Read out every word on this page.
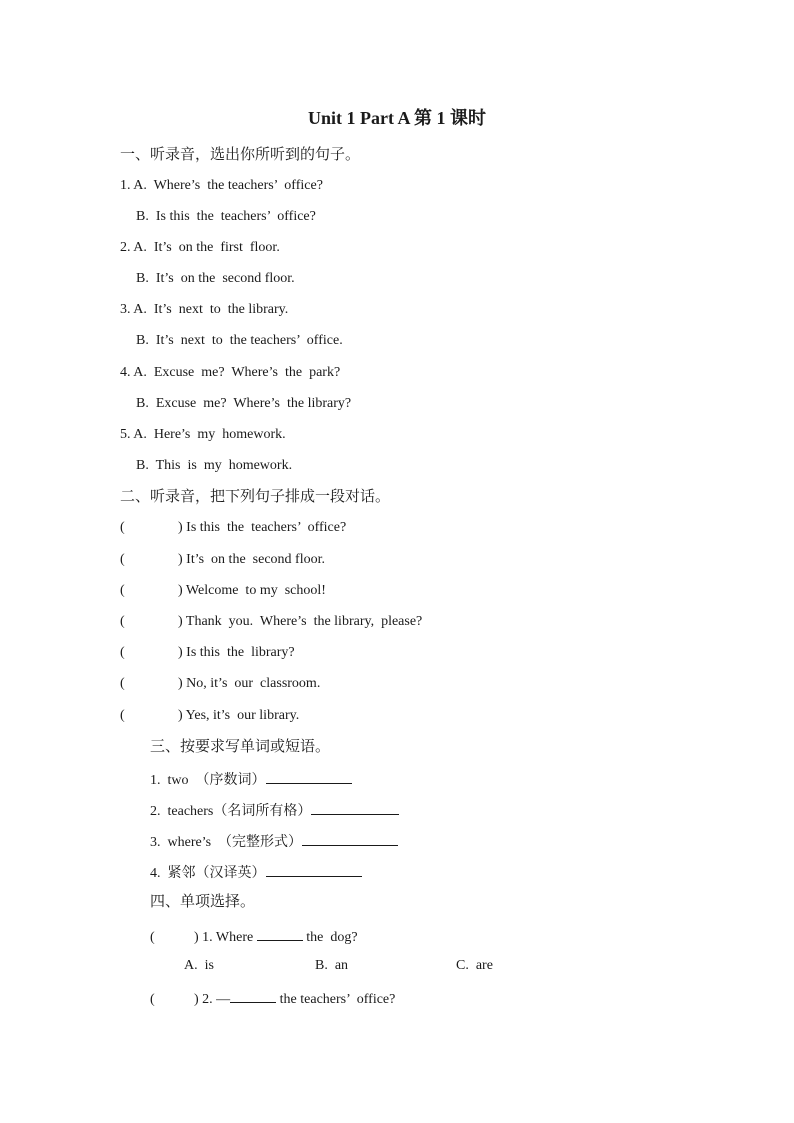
Unit 1 Part A 第 1 课时
一、听录音，选出你所听到的句子。
1. A.  Where’s  the teachers’  office?
B.  Is this  the  teachers’  office?
2. A.  It’s  on the  first  floor.
B.  It’s  on the  second floor.
3. A.  It’s  next  to  the library.
B.  It’s  next  to  the teachers’  office.
4. A.  Excuse  me?  Where’s  the  park?
B.  Excuse  me?  Where’s  the library?
5. A.  Here’s  my  homework.
B.  This  is  my  homework.
二、听录音，把下列句子排成一段对话。
(	) Is this  the  teachers’  office?
(	) It’s  on the  second floor.
(	) Welcome  to my  school!
(	) Thank  you.  Where’s  the library,  please?
(	) Is this  the  library?
(	) No, it’s  our  classroom.
(	) Yes, it’s  our library.
三、按要求写单词或短语。
1.  two  （序数词）
2.  teachers（名词所有格）
3.  where’s  （完整形式）
4.  紧邻（汉译英）
四、单项选择。
(	) 1. Where	the  dog?
A.  is	B.  an	C.  are
(	) 2. —	the teachers’  office?
